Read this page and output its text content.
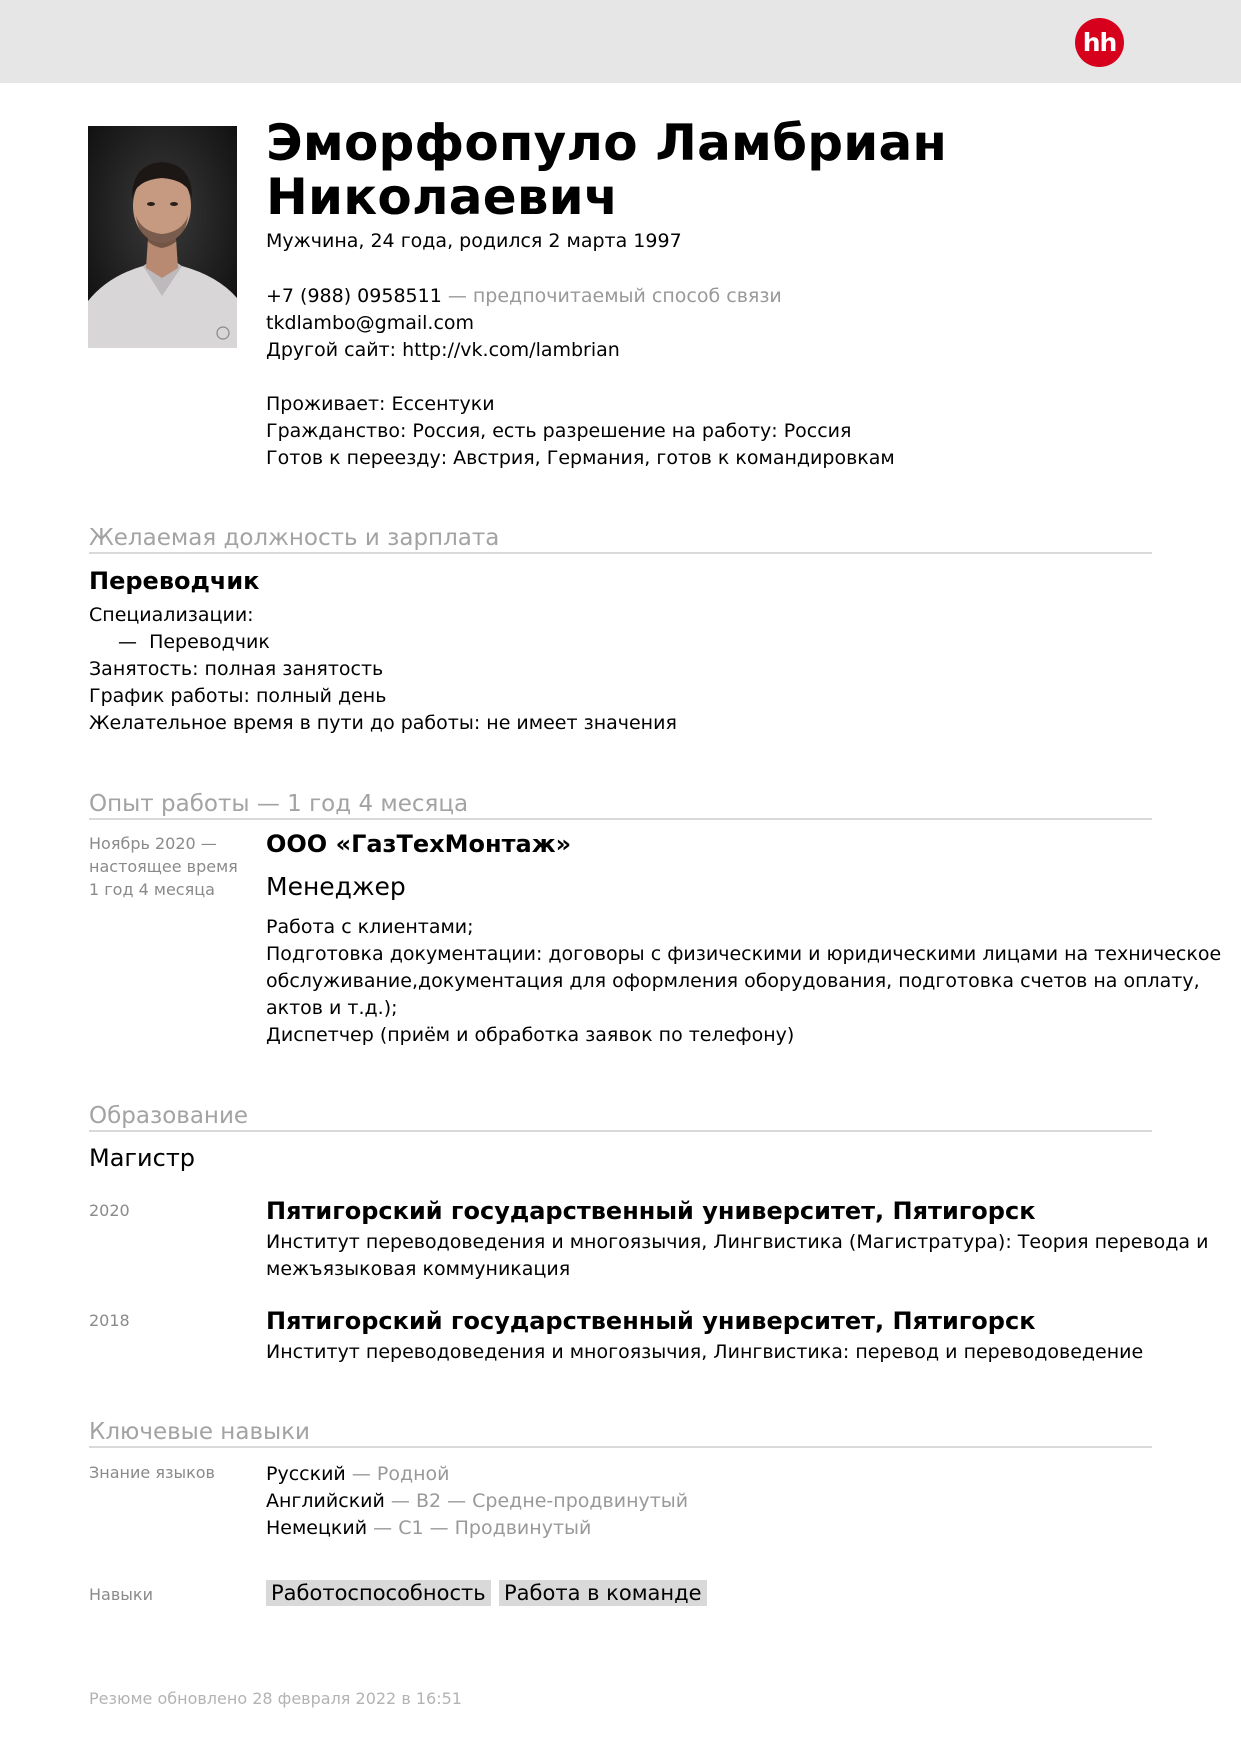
hh
Эморфопуло Ламбриан
Николаевич
Мужчина, 24 года, родился 2 марта 1997
+7 (988) 0958511 — предпочитаемый способ связи
tkdlambo@gmail.com
Другой сайт: http://vk.com/lambrian
Проживает: Ессентуки
Гражданство: Россия, есть разрешение на работу: Россия
Готов к переезду: Австрия, Германия, готов к командировкам
Желаемая должность и зарплата
Переводчик
Специализации:
—  Переводчик
Занятость: полная занятость
График работы: полный день
Желательное время в пути до работы: не имеет значения
Опыт работы — 1 год 4 месяца
Ноябрь 2020 —
настоящее время
1 год 4 месяца
ООО «ГазТехМонтаж»
Менеджер
Работа с клиентами;
Подготовка документации: договоры с физическими и юридическими лицами на техническое
обслуживание,документация для оформления оборудования, подготовка счетов на оплату,
актов и т.д.);
Диспетчер (приём и обработка заявок по телефону)
Образование
Магистр
2020	Пятигорский государственный университет, Пятигорск
Институт переводоведения и многоязычия, Лингвистика (Магистратура): Теория перевода и
межъязыковая коммуникация
2018	Пятигорский государственный университет, Пятигорск
Институт переводоведения и многоязычия, Лингвистика: перевод и переводоведение
Ключевые навыки
Знание языков	Русский — Родной
Английский — B2 — Средне-продвинутый
Немецкий — C1 — Продвинутый
Навыки	Работоспособность Работа в команде
Резюме обновлено 28 февраля 2022 в 16:51
